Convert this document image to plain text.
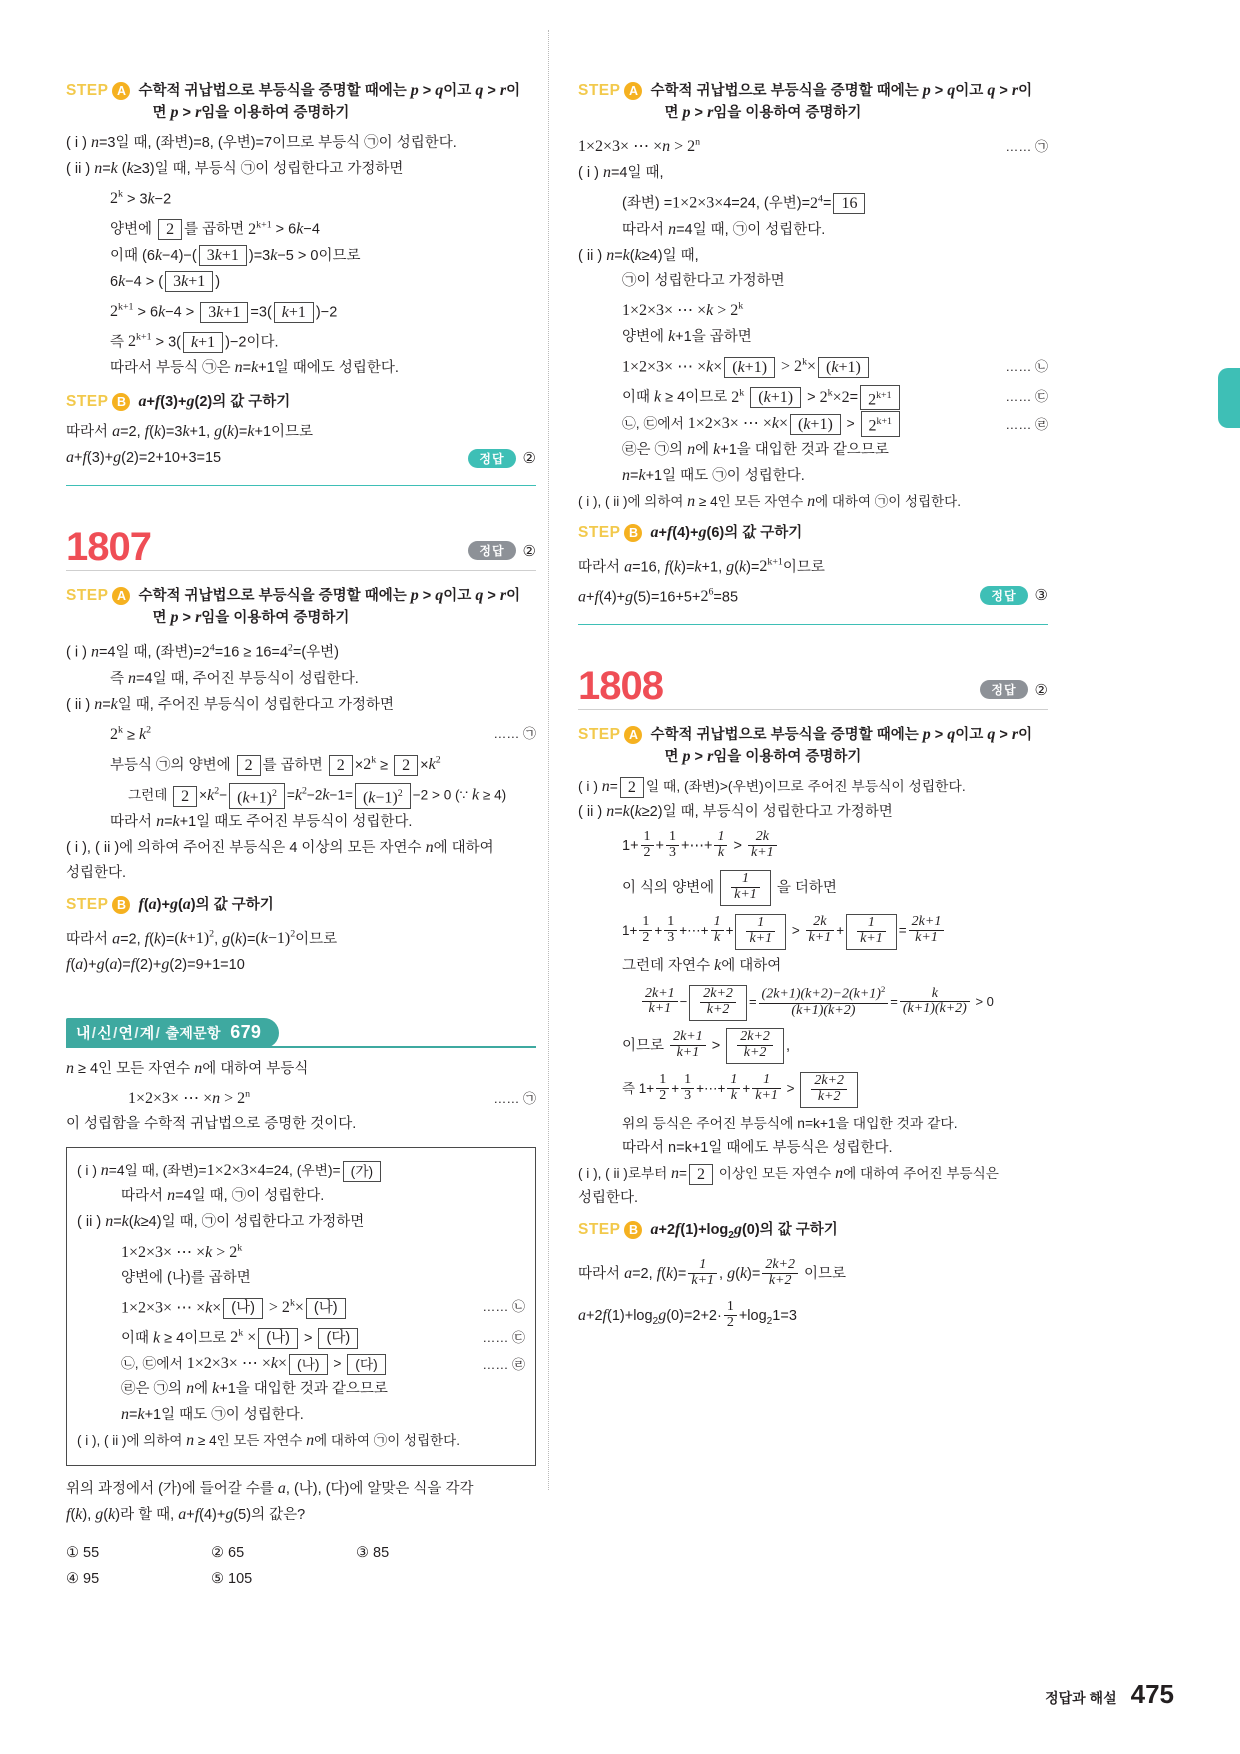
STEP A 수학적 귀납법으로 부등식을 증명할 때에는 p > q이고 q > r이
면 p > r임을 이용하여 증명하기

( i ) n=3일 때, (좌변)=8, (우변)=7이므로 부등식 ㉠이 성립한다.

( ii ) n=k (k≥3)일 때, 부등식 ㉠이 성립한다고 가정하면

$2^k > 3k-2$

양변에 2 를 곱하면 $2^{k+1} > 6k-4$

이때 (6k−4)−( 3k+1 )=3k−5 > 0이므로

6k−4 > ( 3k+1 )

$2^{k+1} > 6k-4 > 3k+1 =3$( k+1 )−2

즉 $2^{k+1} > 3$( k+1 )−2이다.

따라서 부등식 ㉠은 n=k+1일 때에도 성립한다.

STEP B a+f(3)+g(2)의 값 구하기

따라서 a=2, f(k)=3k+1, g(k)=k+1이므로

a+f(3)+g(2)=2+10+3=15	정답	②
1807	정답	②
STEP A 수학적 귀납법으로 부등식을 증명할 때에는 p > q이고 q > r이
면 p > r임을 이용하여 증명하기

( i ) n=4일 때, (좌변)$=2^4=16 \ge 16=4^2=$(우변)

즉 n=4일 때, 주어진 부등식이 성립한다.

( ii ) n=k일 때, 주어진 부등식이 성립한다고 가정하면

$2^k \ge k^2$	…… ㉠

부등식 ㉠의 양변에 2 를 곱하면 $2 \times 2^k \ge 2 \times k^2$

그런데 $2 \times k^2- (k+1)^2 =k^2-2k-1= (k-1)^2 -2 > 0$ (∵ k ≥ 4)

따라서 n=k+1일 때도 주어진 부등식이 성립한다.

( i ), ( ii )에 의하여 주어진 부등식은 4 이상의 모든 자연수 n에 대하여

성립한다.

STEP B f(a)+g(a)의 값 구하기

따라서 a=2, $f(k)=(k+1)^2$, $g(k)=(k-1)^2$이므로

f(a)+g(a)=f(2)+g(2)=9+1=10

내/신/연/계/ 출제문항 679

n ≥ 4인 모든 자연수 n에 대하여 부등식

1×2×3× ⋯ $\times n > 2^n$	…… ㉠

이 성립함을 수학적 귀납법으로 증명한 것이다.

( i ) n=4일 때, (좌변)=1×2×3×4=24, (우변)= (가)

따라서 n=4일 때, ㉠이 성립한다.

( ii ) n=k(k≥4)일 때, ㉠이 성립한다고 가정하면

1×2×3× ⋯ $\times k > 2^k$

양변에 (나)를 곱하면

1×2×3× ⋯ ×k× (나) > $2^k\times$ (나)	…… ㉡

이때 k ≥ 4이므로 $2^k$ × (나) > (다)	…… ㉢

㉡, ㉢에서 1×2×3× ⋯ ×k× (나) > (다)	…… ㉣

㉣은 ㉠의 n에 k+1을 대입한 것과 같으므로

n=k+1일 때도 ㉠이 성립한다.

( i ), ( ii )에 의하여 n ≥ 4인 모든 자연수 n에 대하여 ㉠이 성립한다.

위의 과정에서 (가)에 들어갈 수를 a, (나), (다)에 알맞은 식을 각각

f(k), g(k)라 할 때, a+f(4)+g(5)의 값은?

① 55	② 65	③ 85
④ 95	⑤ 105
STEP A 수학적 귀납법으로 부등식을 증명할 때에는 p > q이고 q > r이
면 p > r임을 이용하여 증명하기

1×2×3× ⋯ $\times n > 2^n$	…… ㉠

( i ) n=4일 때,

(좌변) =1×2×3×4=24, (우변)$=2^4= 16$

따라서 n=4일 때, ㉠이 성립한다.

( ii ) n=k(k≥4)일 때,

㉠이 성립한다고 가정하면

1×2×3× ⋯ $\times k > 2^k$

양변에 k+1을 곱하면

1×2×3× ⋯ $\times k\times (k+1) > 2^k\times (k+1)$	…… ㉡

이때 k ≥ 4이므로 2$^k$ $(k+1) > 2^k\times 2= 2^{k+1}$	…… ㉢

㉡, ㉢에서 1×2×3× ⋯ $\times k\times (k+1) > 2^{k+1}$	…… ㉣

㉣은 ㉠의 n에 k+1을 대입한 것과 같으므로

n=k+1일 때도 ㉠이 성립한다.

( i ), ( ii )에 의하여 n ≥ 4인 모든 자연수 n에 대하여 ㉠이 성립한다.

STEP B a+f(4)+g(6)의 값 구하기

따라서 a=16, f(k)=k+1, $g(k)=2^{k+1}$이므로

$a+f(4)+g(5)=16+5+2^6=85$	정답	③
1808	정답	②
STEP A 수학적 귀납법으로 부등식을 증명할 때에는 p > q이고 q > r이
면 p > r임을 이용하여 증명하기

( i ) n= 2 일 때, (좌변)>(우변)이므로 주어진 부등식이 성립한다.

( ii ) n=k(k≥2)일 때, 부등식이 성립한다고 가정하면

$1+ \frac{1}{2} + \frac{1}{3}$ +⋯+ $\frac{1}{k} > \frac{2k}{k+1}$

이 식의 양변에 $\frac{1}{k+1}$ 을 더하면

$1+ \frac{1}{2} + \frac{1}{3}$ +⋯+ $\frac{1}{k} + \frac{1}{k+1} > \frac{2k}{k+1} + \frac{1}{k+1} = \frac{2k+1}{k+1}$

그런데 자연수 k에 대하여

$\frac{2k+1}{k+1} - \frac{2k+2}{k+2} = \frac{(2k+1)(k+2)-2(k+1)^2}{(k+1)(k+2)} = \frac{k}{(k+1)(k+2)} > 0$

이므로 $\frac{2k+1}{k+1} > \frac{2k+2}{k+2}$ ,

즉 $1+ \frac{1}{2} + \frac{1}{3}$ +⋯+ $\frac{1}{k} + \frac{1}{k+1} > \frac{2k+2}{k+2}$

위의 등식은 주어진 부등식에 n=k+1을 대입한 것과 같다.

따라서 n=k+1일 때에도 부등식은 성립한다.

( i ), ( ii )로부터 n= 2 이상인 모든 자연수 n에 대하여 주어진 부등식은

성립한다.

STEP B $a+2f(1)+\log_2g(0)$의 값 구하기

따라서 a=2, $f(k)= \frac{1}{k+1}$ , $g(k)= \frac{2k+2}{k+2}$ 이므로

$a+2f(1)+\log_2g(0)=2+2\cdot \frac{1}{2} +\log_21=3$

정답과 해설 475
